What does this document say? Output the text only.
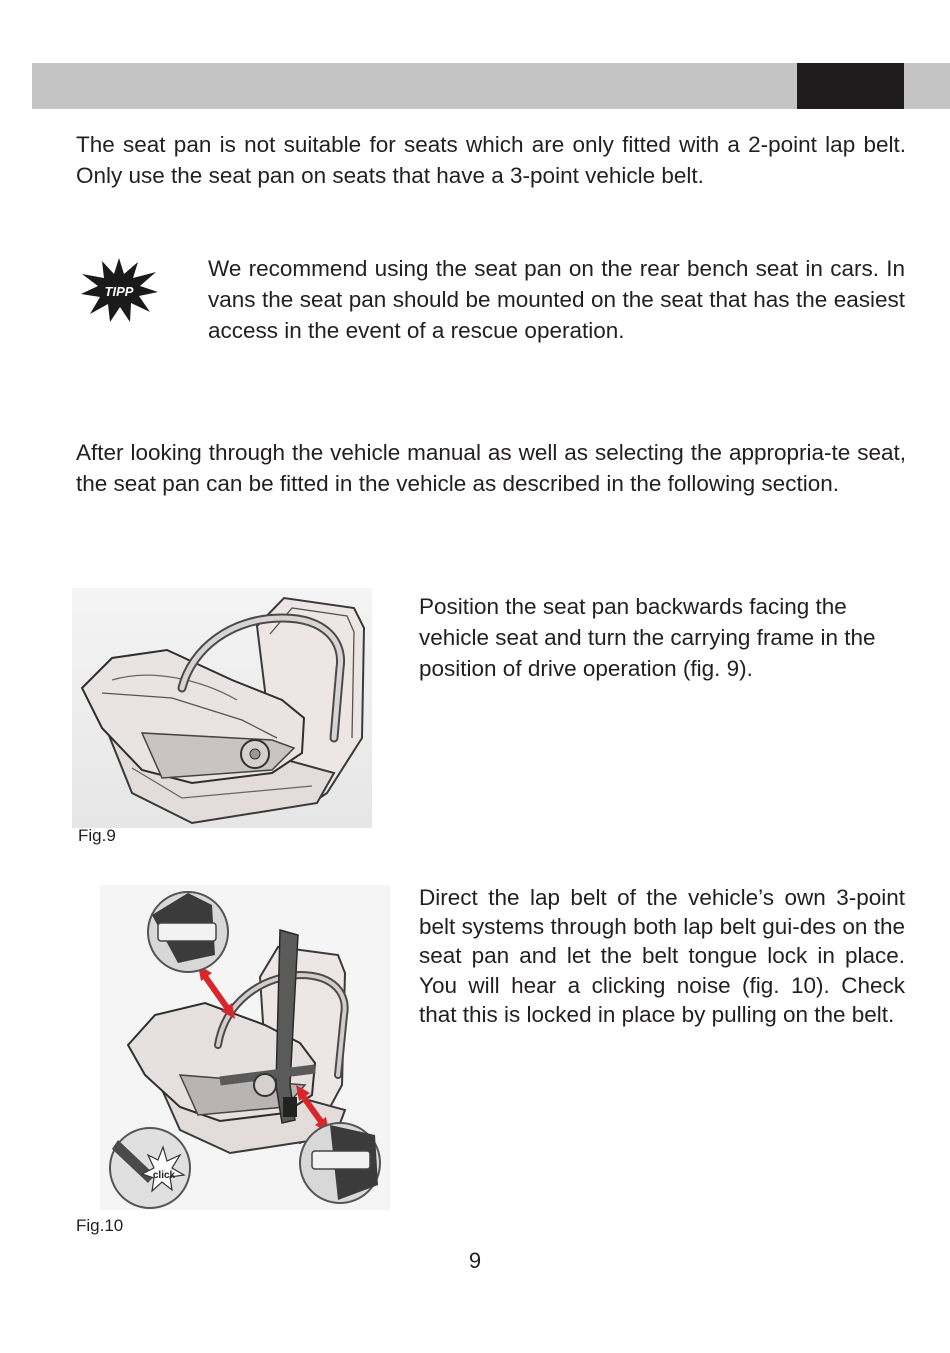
The seat pan is not suitable for seats which are only fitted with a 2-point lap belt. Only use the seat pan on seats that have a 3-point vehicle belt.

TIPP

We recommend using the seat pan on the rear bench seat in cars. In vans the seat pan should be mounted on the seat that has the easiest access in the event of a rescue operation.

After looking through the vehicle manual as well as selecting the appropria-te seat, the seat pan can be fitted in the vehicle as described in the following section.

Fig.9

Position the seat pan backwards facing the vehicle seat and turn the carrying frame in the position of drive operation (fig. 9).

click
Fig.10

Direct the lap belt of the vehicle’s own 3-point belt systems through both lap belt gui-des on the seat pan and let the belt tongue lock in place. You will hear a clicking noise (fig. 10). Check that this is locked in place by pulling on the belt.

9
